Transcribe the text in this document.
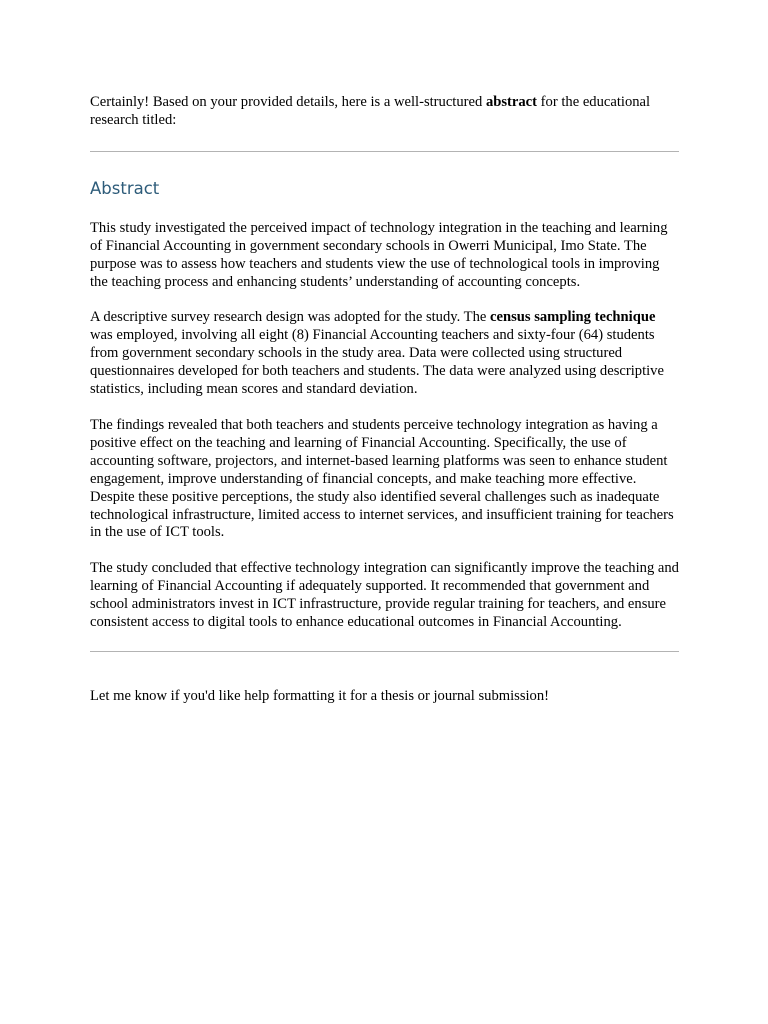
Certainly! Based on your provided details, here is a well-structured abstract for the educational research titled:

Abstract

This study investigated the perceived impact of technology integration in the teaching and learning of Financial Accounting in government secondary schools in Owerri Municipal, Imo State. The purpose was to assess how teachers and students view the use of technological tools in improving the teaching process and enhancing students’ understanding of accounting concepts.

A descriptive survey research design was adopted for the study. The census sampling technique was employed, involving all eight (8) Financial Accounting teachers and sixty-four (64) students from government secondary schools in the study area. Data were collected using structured questionnaires developed for both teachers and students. The data were analyzed using descriptive statistics, including mean scores and standard deviation.

The findings revealed that both teachers and students perceive technology integration as having a positive effect on the teaching and learning of Financial Accounting. Specifically, the use of accounting software, projectors, and internet-based learning platforms was seen to enhance student engagement, improve understanding of financial concepts, and make teaching more effective. Despite these positive perceptions, the study also identified several challenges such as inadequate technological infrastructure, limited access to internet services, and insufficient training for teachers in the use of ICT tools.

The study concluded that effective technology integration can significantly improve the teaching and learning of Financial Accounting if adequately supported. It recommended that government and school administrators invest in ICT infrastructure, provide regular training for teachers, and ensure consistent access to digital tools to enhance educational outcomes in Financial Accounting.

Let me know if you'd like help formatting it for a thesis or journal submission!
